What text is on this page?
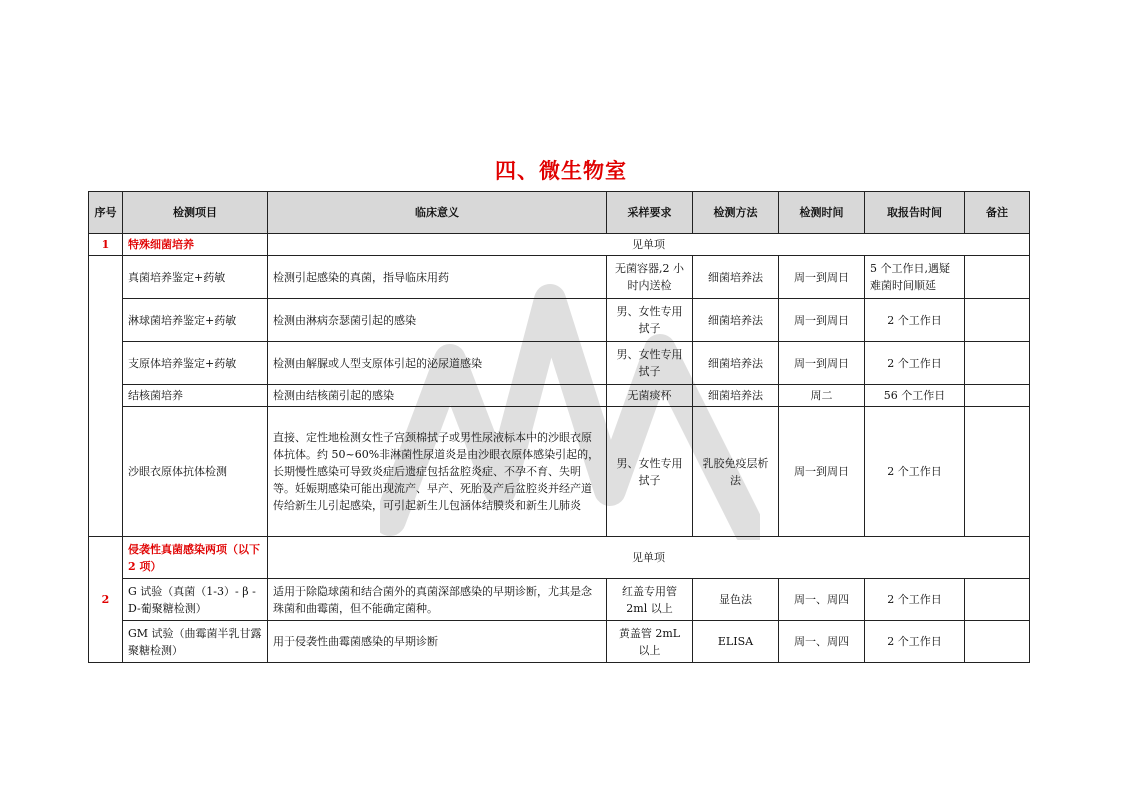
四、微生物室
序号	检测项目	临床意义	采样要求	检测方法	检测时间	取报告时间	备注
1	特殊细菌培养	见单项					
	真菌培养鉴定+药敏	检测引起感染的真菌，指导临床用药	无菌容器,2 小时内送检	细菌培养法	周一到周日	5 个工作日,遇疑难菌时间顺延	
	淋球菌培养鉴定+药敏	检测由淋病奈瑟菌引起的感染	男、女性专用拭子	细菌培养法	周一到周日	2 个工作日	
	支原体培养鉴定+药敏	检测由解脲或人型支原体引起的泌尿道感染	男、女性专用拭子	细菌培养法	周一到周日	2 个工作日	
	结核菌培养	检测由结核菌引起的感染	无菌痰杯	细菌培养法	周二	56 个工作日	
	沙眼衣原体抗体检测	直接、定性地检测女性子宫颈棉拭子或男性尿液标本中的沙眼衣原体抗体。约 50~60%非淋菌性尿道炎是由沙眼衣原体感染引起的，长期慢性感染可导致炎症后遗症包括盆腔炎症、不孕不育、失明等。妊娠期感染可能出现流产、早产、死胎及产后盆腔炎并经产道传给新生儿引起感染，可引起新生儿包涵体结膜炎和新生儿肺炎	男、女性专用拭子	乳胶免疫层析法	周一到周日	2 个工作日	
2	侵袭性真菌感染两项（以下 2 项）	见单项					
	G 试验（真菌（1-3）- β -D-葡聚糖检测）	适用于除隐球菌和结合菌外的真菌深部感染的早期诊断，尤其是念珠菌和曲霉菌，但不能确定菌种。	红盖专用管 2ml 以上	显色法	周一、周四	2 个工作日	
	GM 试验（曲霉菌半乳甘露聚糖检测）	用于侵袭性曲霉菌感染的早期诊断	黄盖管 2mL 以上	ELISA	周一、周四	2 个工作日	
